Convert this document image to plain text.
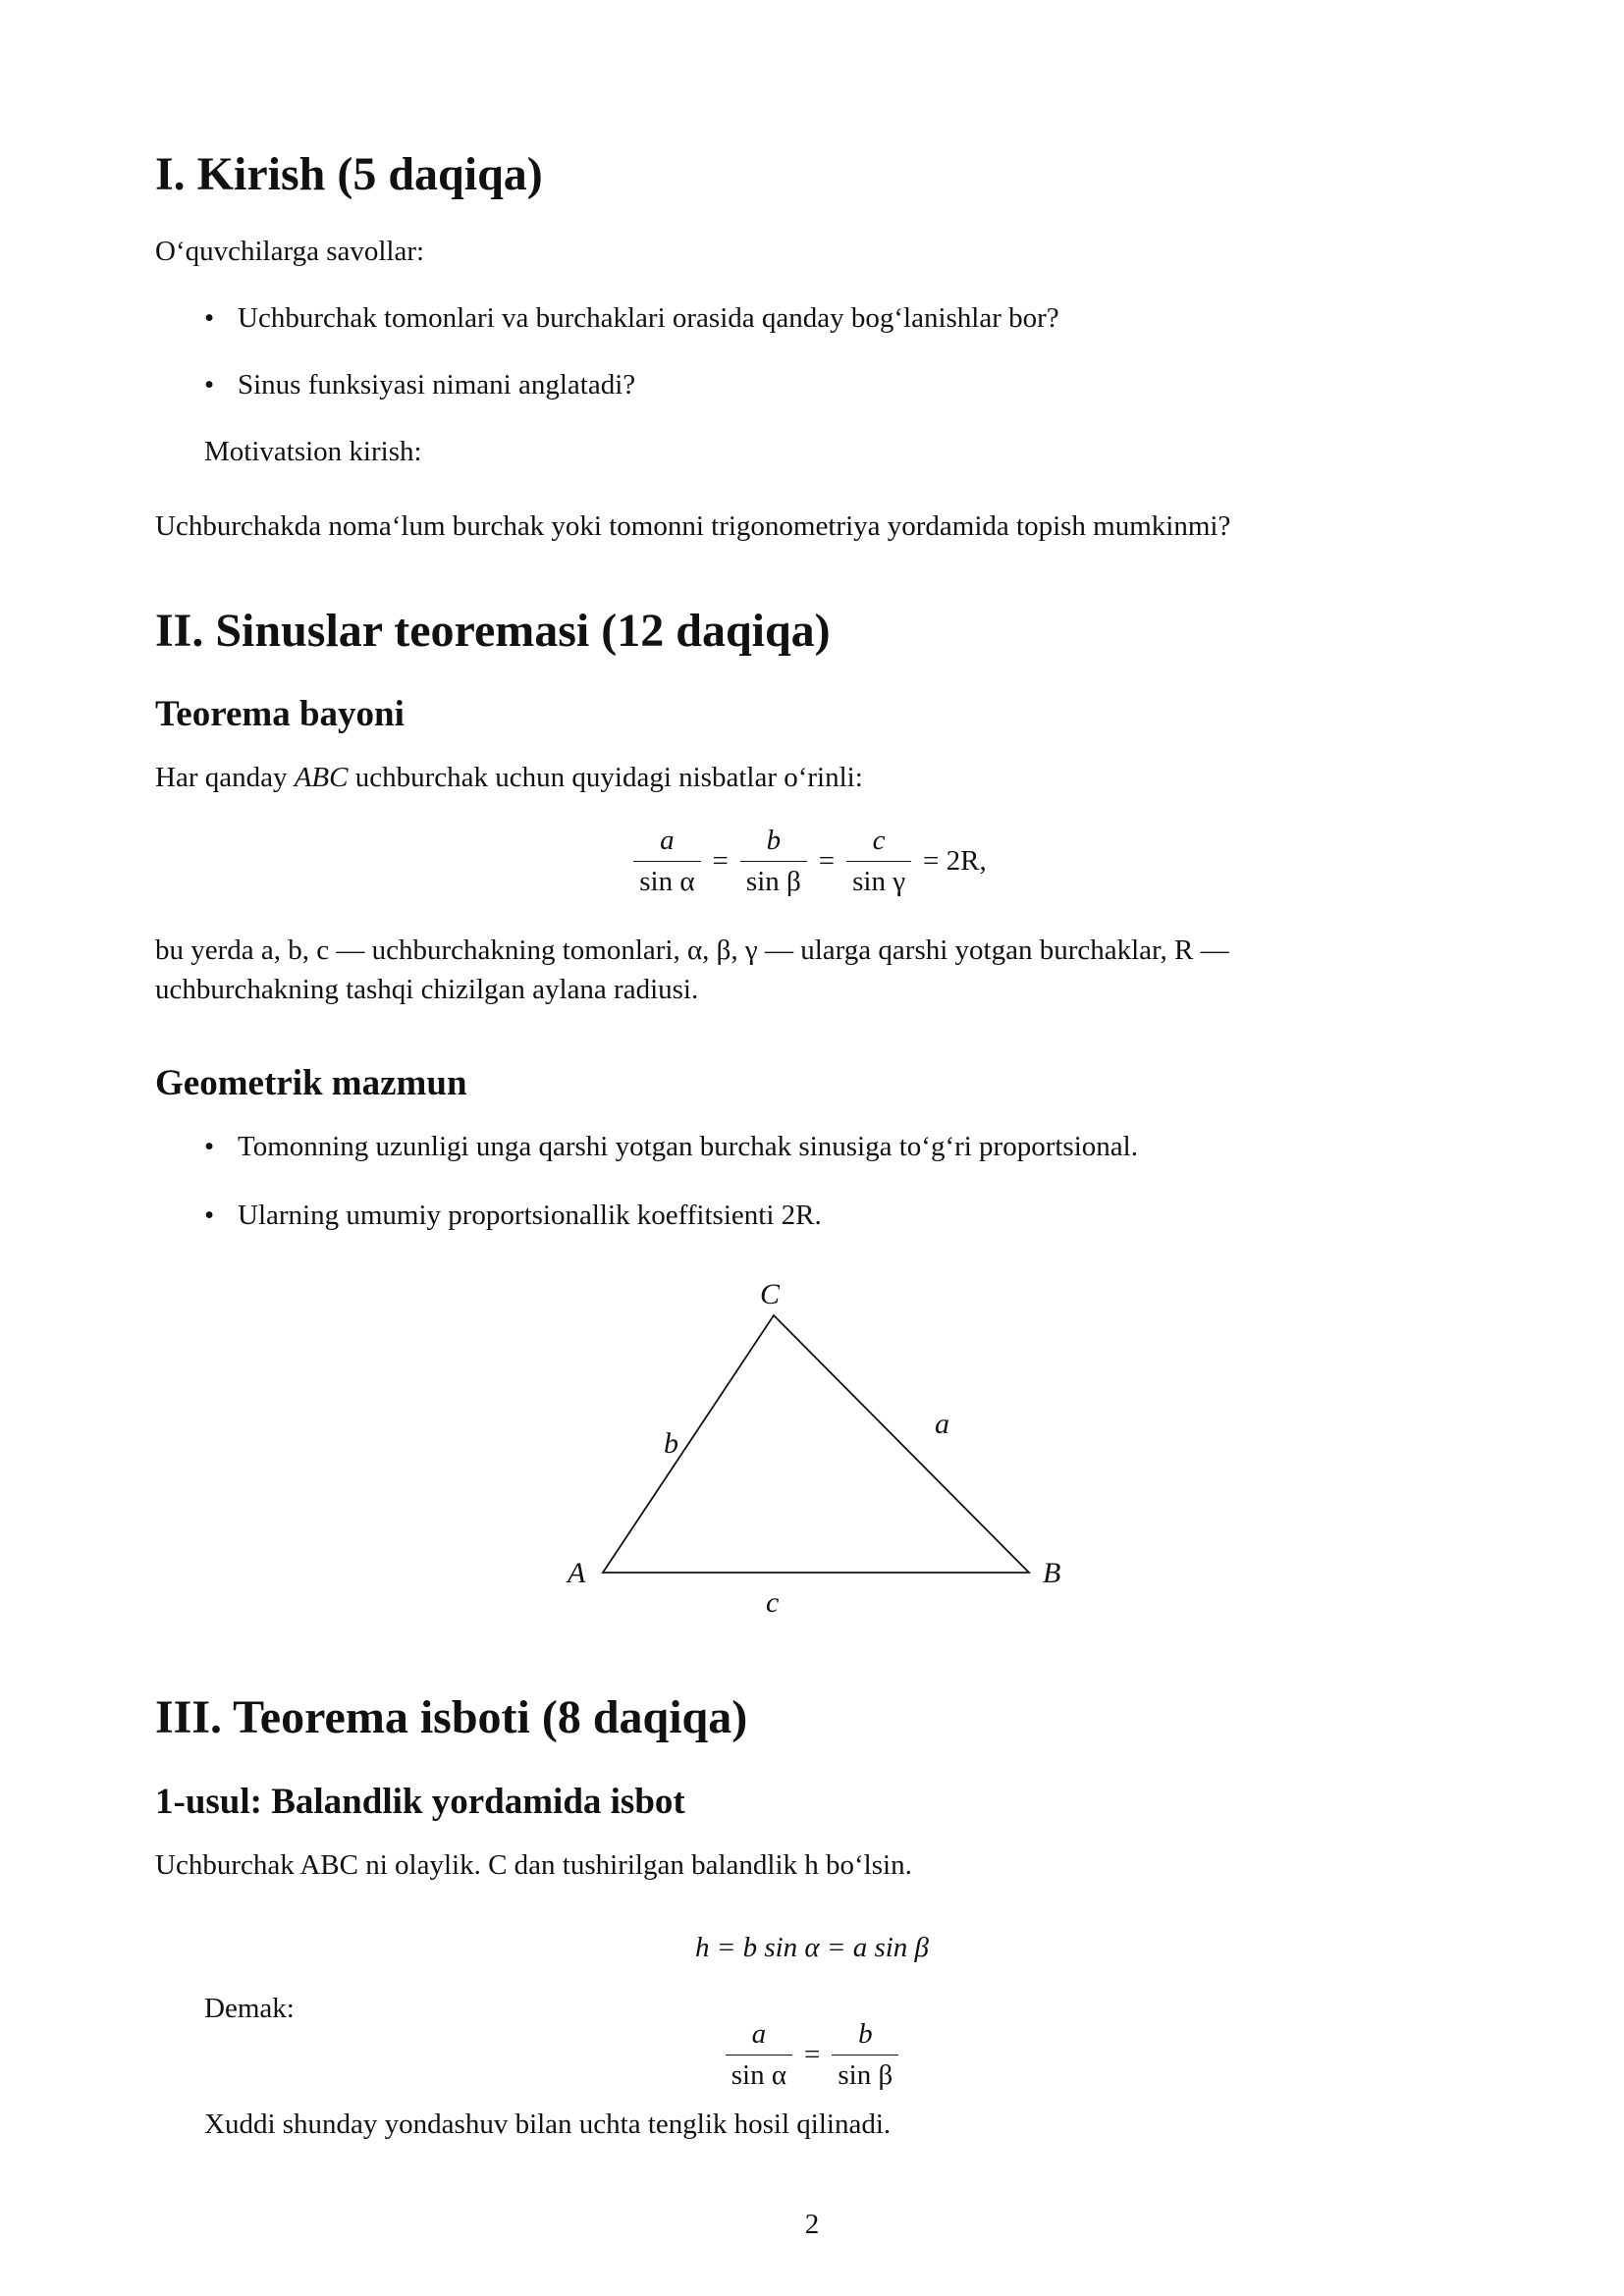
I. Kirish (5 daqiqa)
O‘quvchilarga savollar:
• Uchburchak tomonlari va burchaklari orasida qanday bog‘lanishlar bor?
• Sinus funksiyasi nimani anglatadi?
Motivatsion kirish:
Uchburchakda noma‘lum burchak yoki tomonni trigonometriya yordamida topish mumkinmi?
II. Sinuslar teoremasi (12 daqiqa)
Teorema bayoni
Har qanday ABC uchburchak uchun quyidagi nisbatlar o‘rinli:
$\frac{a}{\text{sin α}} = \frac{b}{\text{sin β}} = \frac{c}{\text{sin γ}} = 2R$,
bu yerda a, b, c — uchburchakning tomonlari, α, β, γ — ularga qarshi yotgan burchaklar, R —
uchburchakning tashqi chizilgan aylana radiusi.
Geometrik mazmun
• Tomonning uzunligi unga qarshi yotgan burchak sinusiga to‘g‘ri proportsional.
• Ularning umumiy proportsionallik koeffitsienti 2R.
C
A	B
a
b
c
III. Teorema isboti (8 daqiqa)
1-usul: Balandlik yordamida isbot
Uchburchak ABC ni olaylik. C dan tushirilgan balandlik h bo‘lsin.
h = b sin α = a sin β
Demak:
$\frac{a}{\text{sin α}} = \frac{b}{\text{sin β}}$
Xuddi shunday yondashuv bilan uchta tenglik hosil qilinadi.
2
